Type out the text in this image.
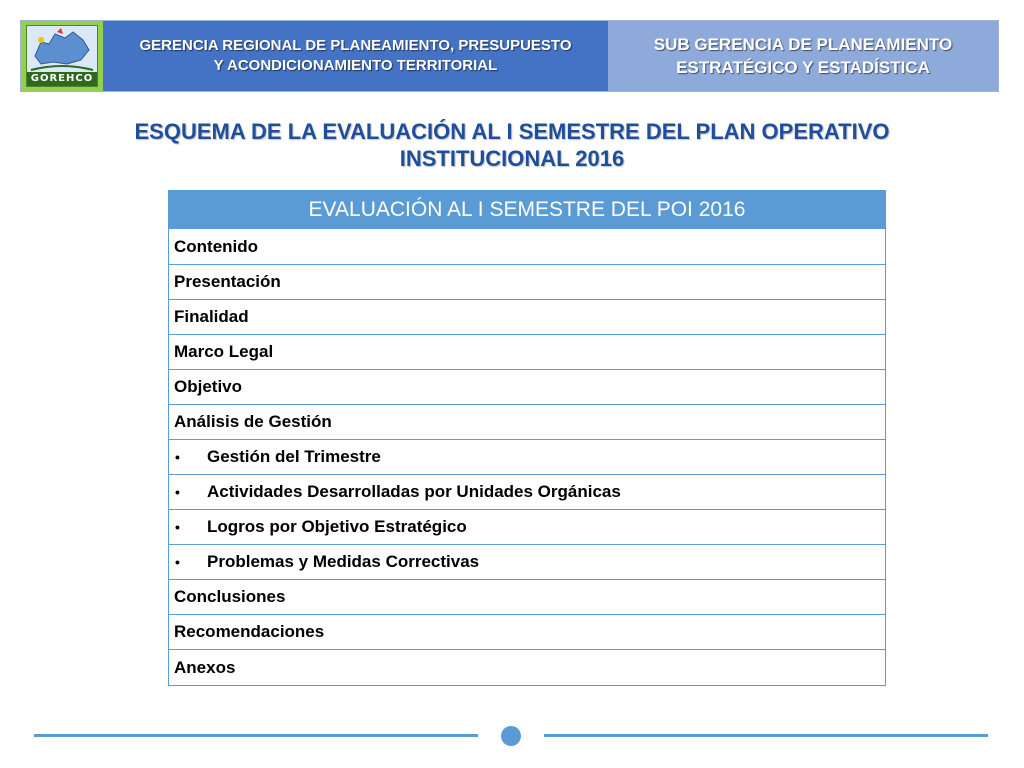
GOREHCO
GERENCIA REGIONAL DE PLANEAMIENTO, PRESUPUESTO
Y ACONDICIONAMIENTO TERRITORIAL
SUB GERENCIA DE PLANEAMIENTO
ESTRATÉGICO Y ESTADÍSTICA
ESQUEMA DE LA EVALUACIÓN AL I SEMESTRE DEL PLAN OPERATIVO
INSTITUCIONAL 2016
EVALUACIÓN AL I SEMESTRE DEL POI 2016
Contenido
Presentación
Finalidad
Marco Legal
Objetivo
Análisis de Gestión
•	Gestión del Trimestre
•	Actividades Desarrolladas por Unidades Orgánicas
•	Logros por Objetivo Estratégico
•	Problemas y Medidas Correctivas
Conclusiones
Recomendaciones
Anexos
